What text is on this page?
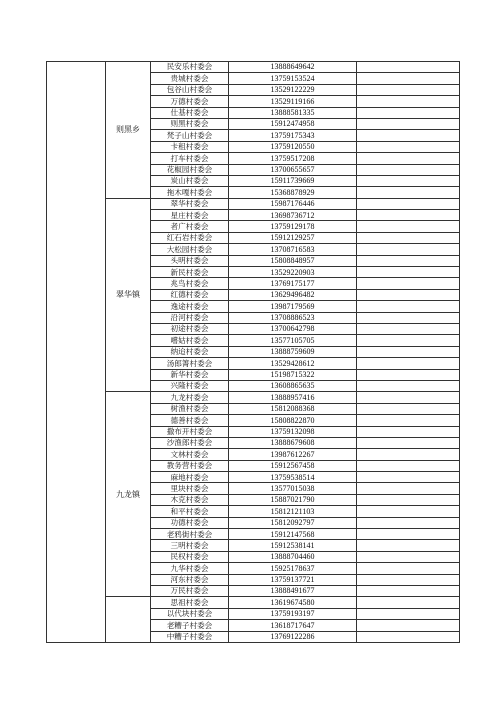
	则黑乡	民安乐村委会	13888649642	
		贵城村委会	13759153524	
		包谷山村委会	13529122229	
		万德村委会	13529119166	
		仕基村委会	13888581335	
		则黑村委会	15912474958	
		梵子山村委会	13759175343	
		卡租村委会	13759120550	
		打车村委会	13759517208	
		花椒园村委会	13700655657	
		炭山村委会	15911739669	
		拖木嘎村委会	15368878929	
	翠华镇	翠华村委会	15987176446	
		星庄村委会	13698736712	
		者广村委会	13759129178	
		红石岩村委会	15912129257	
		大松园村委会	13708716583	
		头明村委会	15808848957	
		新民村委会	13529220903	
		兆鸟村委会	13769175177	
		红德村委会	13629496482	
		逸途村委会	13987179569	
		沿河村委会	13708886523	
		初途村委会	13700642798	
		嚐姑村委会	13577105705	
		纳迨村委会	13888759609	
		汤郎箐村委会	13529428612	
		新华村委会	15198715322	
		兴隆村委会	13608865635	
	九龙镇	九龙村委会	13888957416	
		树渔村委会	15812088368	
		德善村委会	15808822870	
		撒布开村委会	13759132098	
		沙渔郎村委会	13888679608	
		文林村委会	13987612267	
		教务营村委会	15912567458	
		麻地村委会	13759538514	
		里块村委会	13577015038	
		木克村委会	15887021790	
		和平村委会	15812121103	
		功德村委会	15812092797	
		老鸦街村委会	15912147568	
		三明村委会	15912538141	
		民权村委会	13888704460	
		九华村委会	15925178637	
		河东村委会	13759137721	
		万民村委会	13888491677	
		思祖村委会	13619674580	
		以代块村委会	13759193197	
		老糟子村委会	13618717647	
		中糟子村委会	13769122286	
